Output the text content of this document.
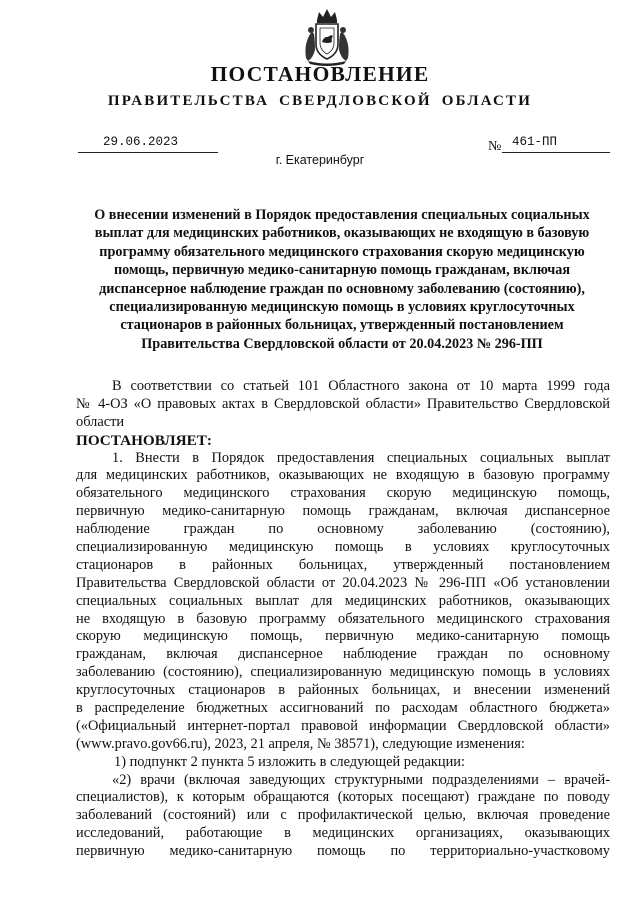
ПОСТАНОВЛЕНИЕ
ПРАВИТЕЛЬСТВА СВЕРДЛОВСКОЙ ОБЛАСТИ
29.06.2023	№ 461-ПП
г. Екатеринбург
О внесении изменений в Порядок предоставления специальных социальных
выплат для медицинских работников, оказывающих не входящую в базовую
программу обязательного медицинского страхования скорую медицинскую
помощь, первичную медико-санитарную помощь гражданам, включая
диспансерное наблюдение граждан по основному заболеванию (состоянию),
специализированную медицинскую помощь в условиях круглосуточных
стационаров в районных больницах, утвержденный постановлением
Правительства Свердловской области от 20.04.2023 № 296-ПП
В соответствии со статьей 101 Областного закона от 10 марта 1999 года
№ 4-ОЗ «О правовых актах в Свердловской области» Правительство Свердловской
области
ПОСТАНОВЛЯЕТ:
1. Внести в Порядок предоставления специальных социальных выплат
для медицинских работников, оказывающих не входящую в базовую программу
обязательного медицинского страхования скорую медицинскую помощь,
первичную медико-санитарную помощь гражданам, включая диспансерное
наблюдение граждан по основному заболеванию (состоянию),
специализированную медицинскую помощь в условиях круглосуточных
стационаров в районных больницах, утвержденный постановлением
Правительства Свердловской области от 20.04.2023 № 296-ПП «Об установлении
специальных социальных выплат для медицинских работников, оказывающих
не входящую в базовую программу обязательного медицинского страхования
скорую медицинскую помощь, первичную медико-санитарную помощь
гражданам, включая диспансерное наблюдение граждан по основному
заболеванию (состоянию), специализированную медицинскую помощь в условиях
круглосуточных стационаров в районных больницах, и внесении изменений
в распределение бюджетных ассигнований по расходам областного бюджета»
(«Официальный интернет-портал правовой информации Свердловской области»
(www.pravo.gov66.ru), 2023, 21 апреля, № 38571), следующие изменения:
1) подпункт 2 пункта 5 изложить в следующей редакции:
«2) врачи (включая заведующих структурными подразделениями – врачей-
специалистов), к которым обращаются (которых посещают) граждане по поводу
заболеваний (состояний) или с профилактической целью, включая проведение
исследований, работающие в медицинских организациях, оказывающих
первичную медико-санитарную помощь по территориально-участковому
